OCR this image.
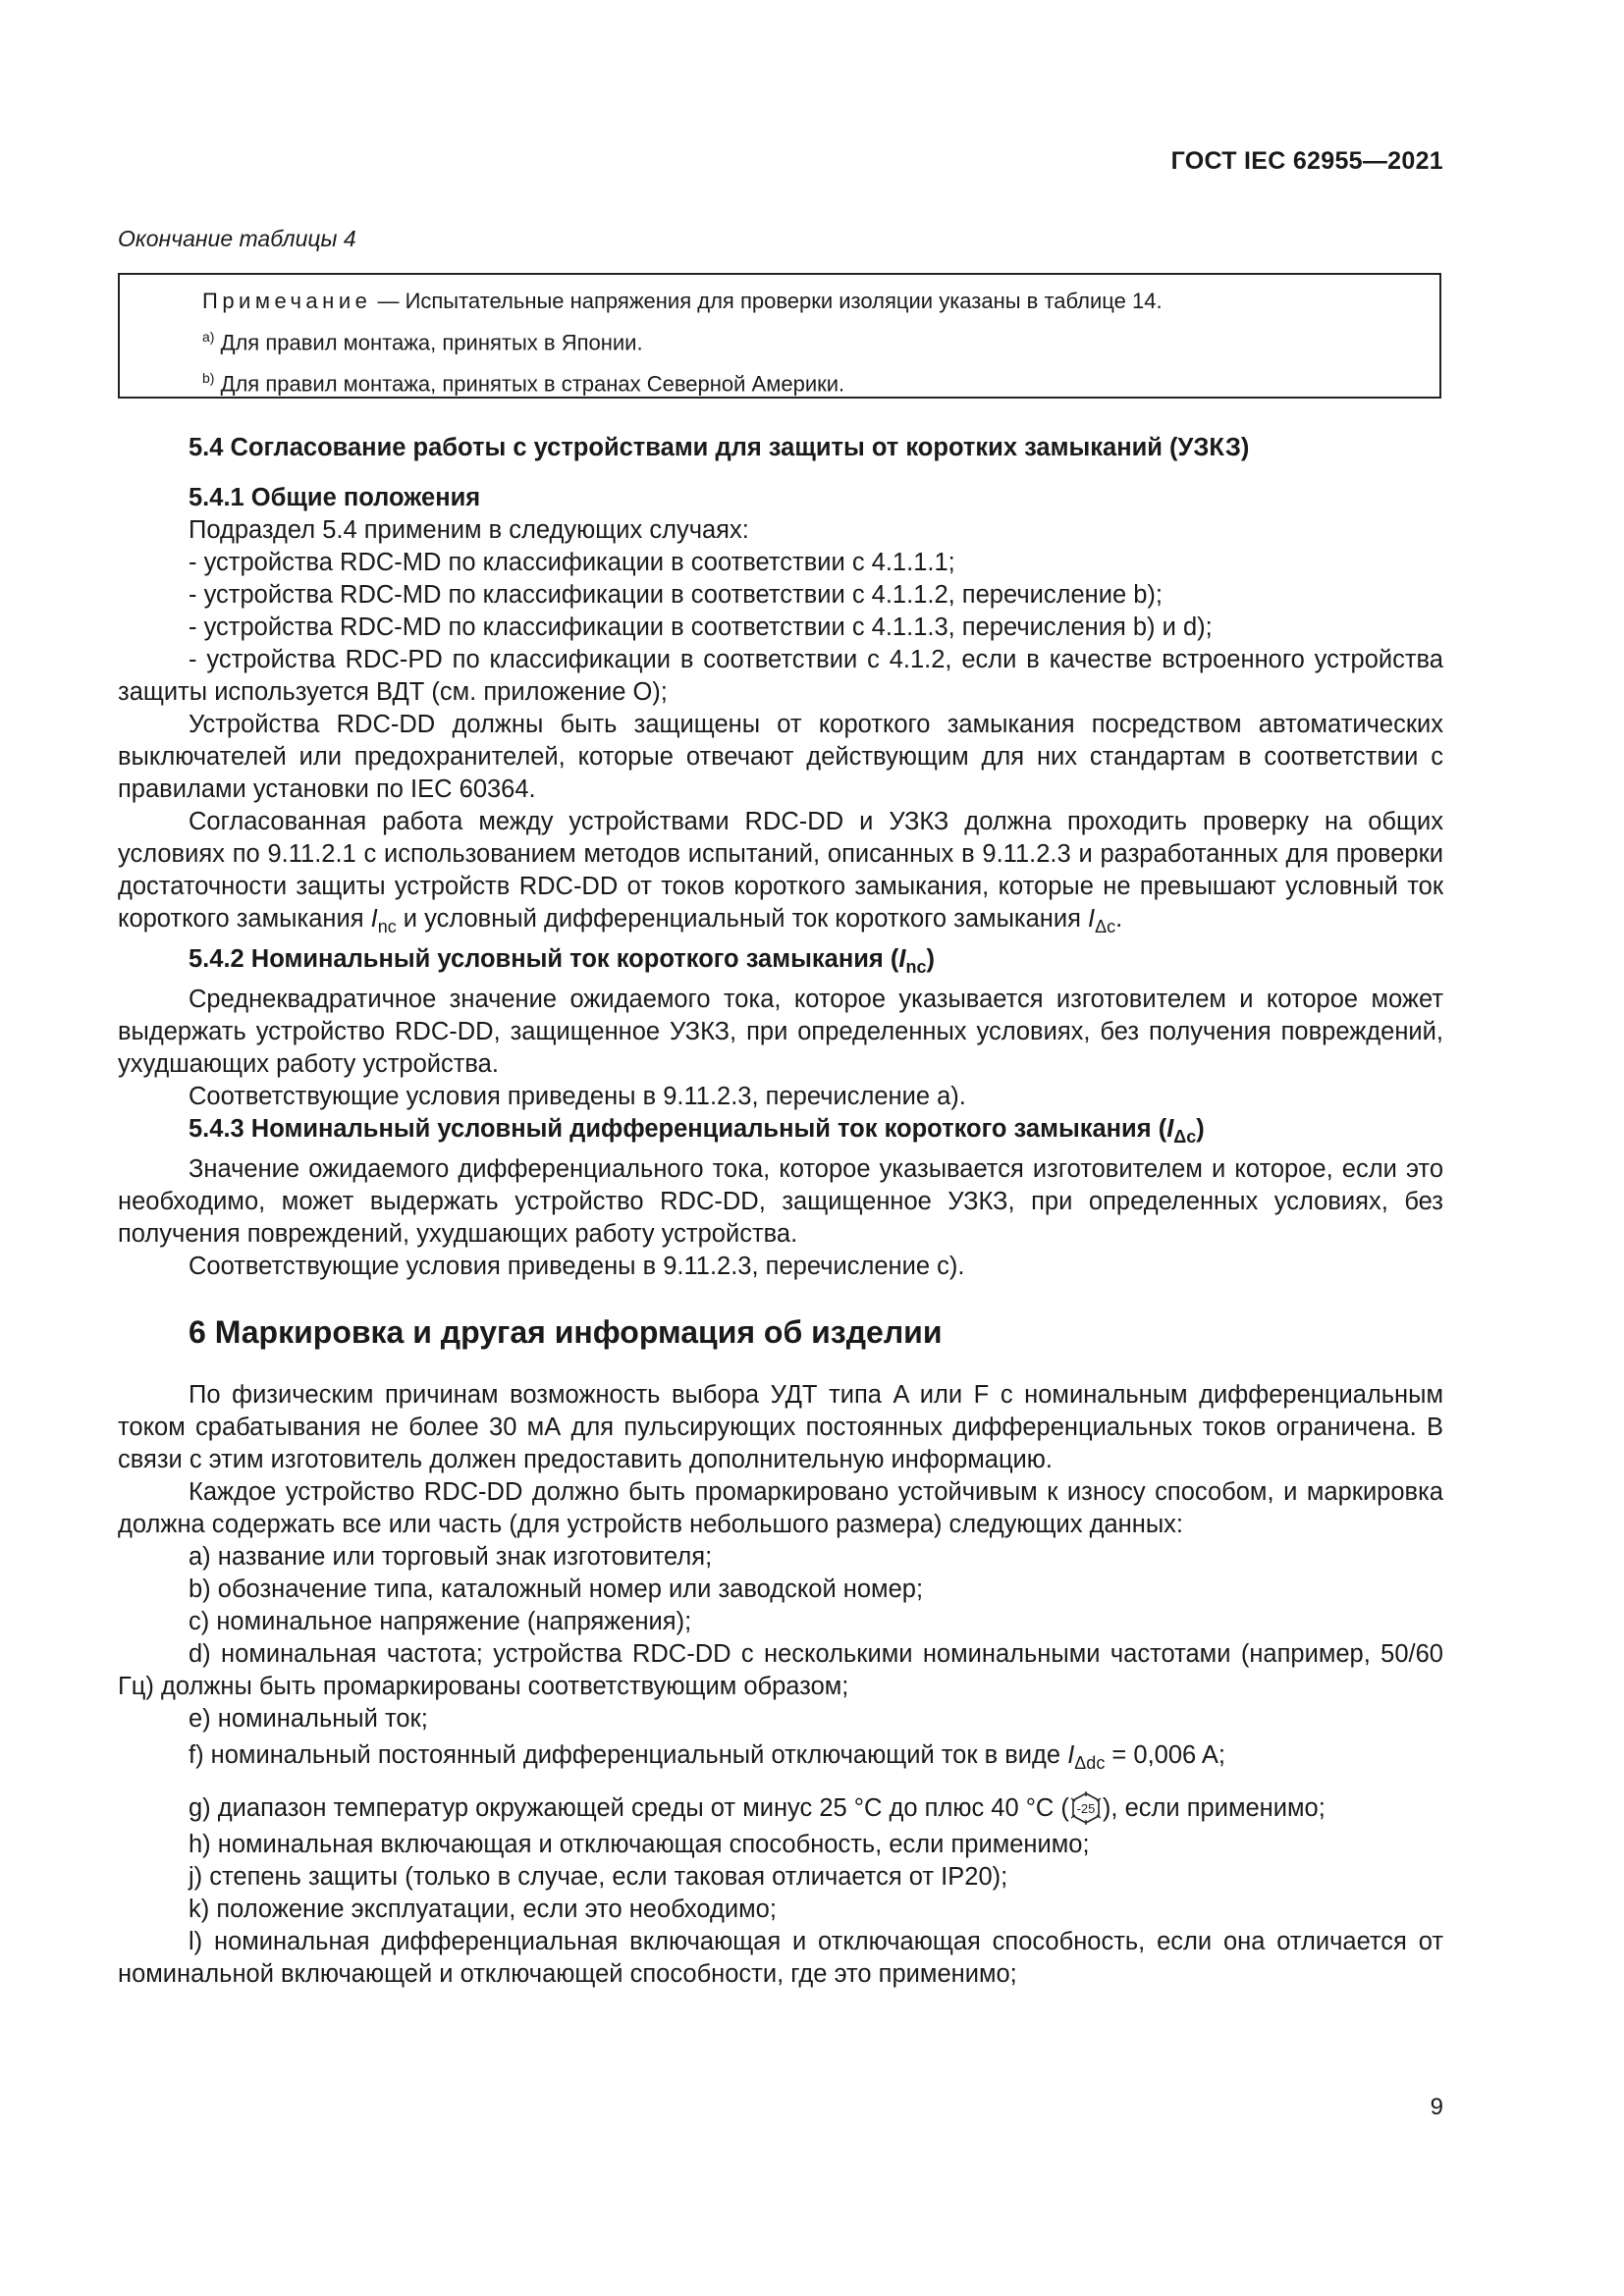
ГОСТ IEC 62955—2021
Окончание таблицы 4
Примечание — Испытательные напряжения для проверки изоляции указаны в таблице 14.
$^{a)}$ Для правил монтажа, принятых в Японии.
$^{b)}$ Для правил монтажа, принятых в странах Северной Америки.

5.4 Согласование работы с устройствами для защиты от коротких замыканий (УЗКЗ)

5.4.1 Общие положения

Подраздел 5.4 применим в следующих случаях:

- устройства RDC-MD по классификации в соответствии с 4.1.1.1;

- устройства RDC-MD по классификации в соответствии с 4.1.1.2, перечисление b);

- устройства RDC-MD по классификации в соответствии с 4.1.1.3, перечисления b) и d);

- устройства RDC-PD по классификации в соответствии с 4.1.2, если в качестве встроенного устройства защиты используется ВДТ (см. приложение O);

Устройства RDC-DD должны быть защищены от короткого замыкания посредством автоматических выключателей или предохранителей, которые отвечают действующим для них стандартам в соответствии с правилами установки по IEC 60364.

Согласованная работа между устройствами RDC-DD и УЗКЗ должна проходить проверку на общих условиях по 9.11.2.1 с использованием методов испытаний, описанных в 9.11.2.3 и разработанных для проверки достаточности защиты устройств RDC-DD от токов короткого замыкания, которые не превышают условный ток короткого замыкания $I_{nc}$ и условный дифференциальный ток короткого замыкания $I_{\Delta c}$.

5.4.2 Номинальный условный ток короткого замыкания $(I_{nc})$

Среднеквадратичное значение ожидаемого тока, которое указывается изготовителем и которое может выдержать устройство RDC-DD, защищенное УЗКЗ, при определенных условиях, без получения повреждений, ухудшающих работу устройства.

Соответствующие условия приведены в 9.11.2.3, перечисление a).

5.4.3 Номинальный условный дифференциальный ток короткого замыкания $(I_{\Delta c})$

Значение ожидаемого дифференциального тока, которое указывается изготовителем и которое, если это необходимо, может выдержать устройство RDC-DD, защищенное УЗКЗ, при определенных условиях, без получения повреждений, ухудшающих работу устройства.

Соответствующие условия приведены в 9.11.2.3, перечисление c).

6 Маркировка и другая информация об изделии

По физическим причинам возможность выбора УДТ типа A или F с номинальным дифференциальным током срабатывания не более 30 мА для пульсирующих постоянных дифференциальных токов ограничена. В связи с этим изготовитель должен предоставить дополнительную информацию.

Каждое устройство RDC-DD должно быть промаркировано устойчивым к износу способом, и маркировка должна содержать все или часть (для устройств небольшого размера) следующих данных:

a) название или торговый знак изготовителя;

b) обозначение типа, каталожный номер или заводской номер;

c) номинальное напряжение (напряжения);

d) номинальная частота; устройства RDC-DD с несколькими номинальными частотами (например, 50/60 Гц) должны быть промаркированы соответствующим образом;

e) номинальный ток;

f) номинальный постоянный дифференциальный отключающий ток в виде $I_{\Delta dc} = 0,006$ A;

g) диапазон температур окружающей среды от минус 25 °C до плюс 40 °C ( -25 ), если применимо;

h) номинальная включающая и отключающая способность, если применимо;

j) степень защиты (только в случае, если таковая отличается от IP20);

k) положение эксплуатации, если это необходимо;

l) номинальная дифференциальная включающая и отключающая способность, если она отличается от номинальной включающей и отключающей способности, где это применимо;

9
